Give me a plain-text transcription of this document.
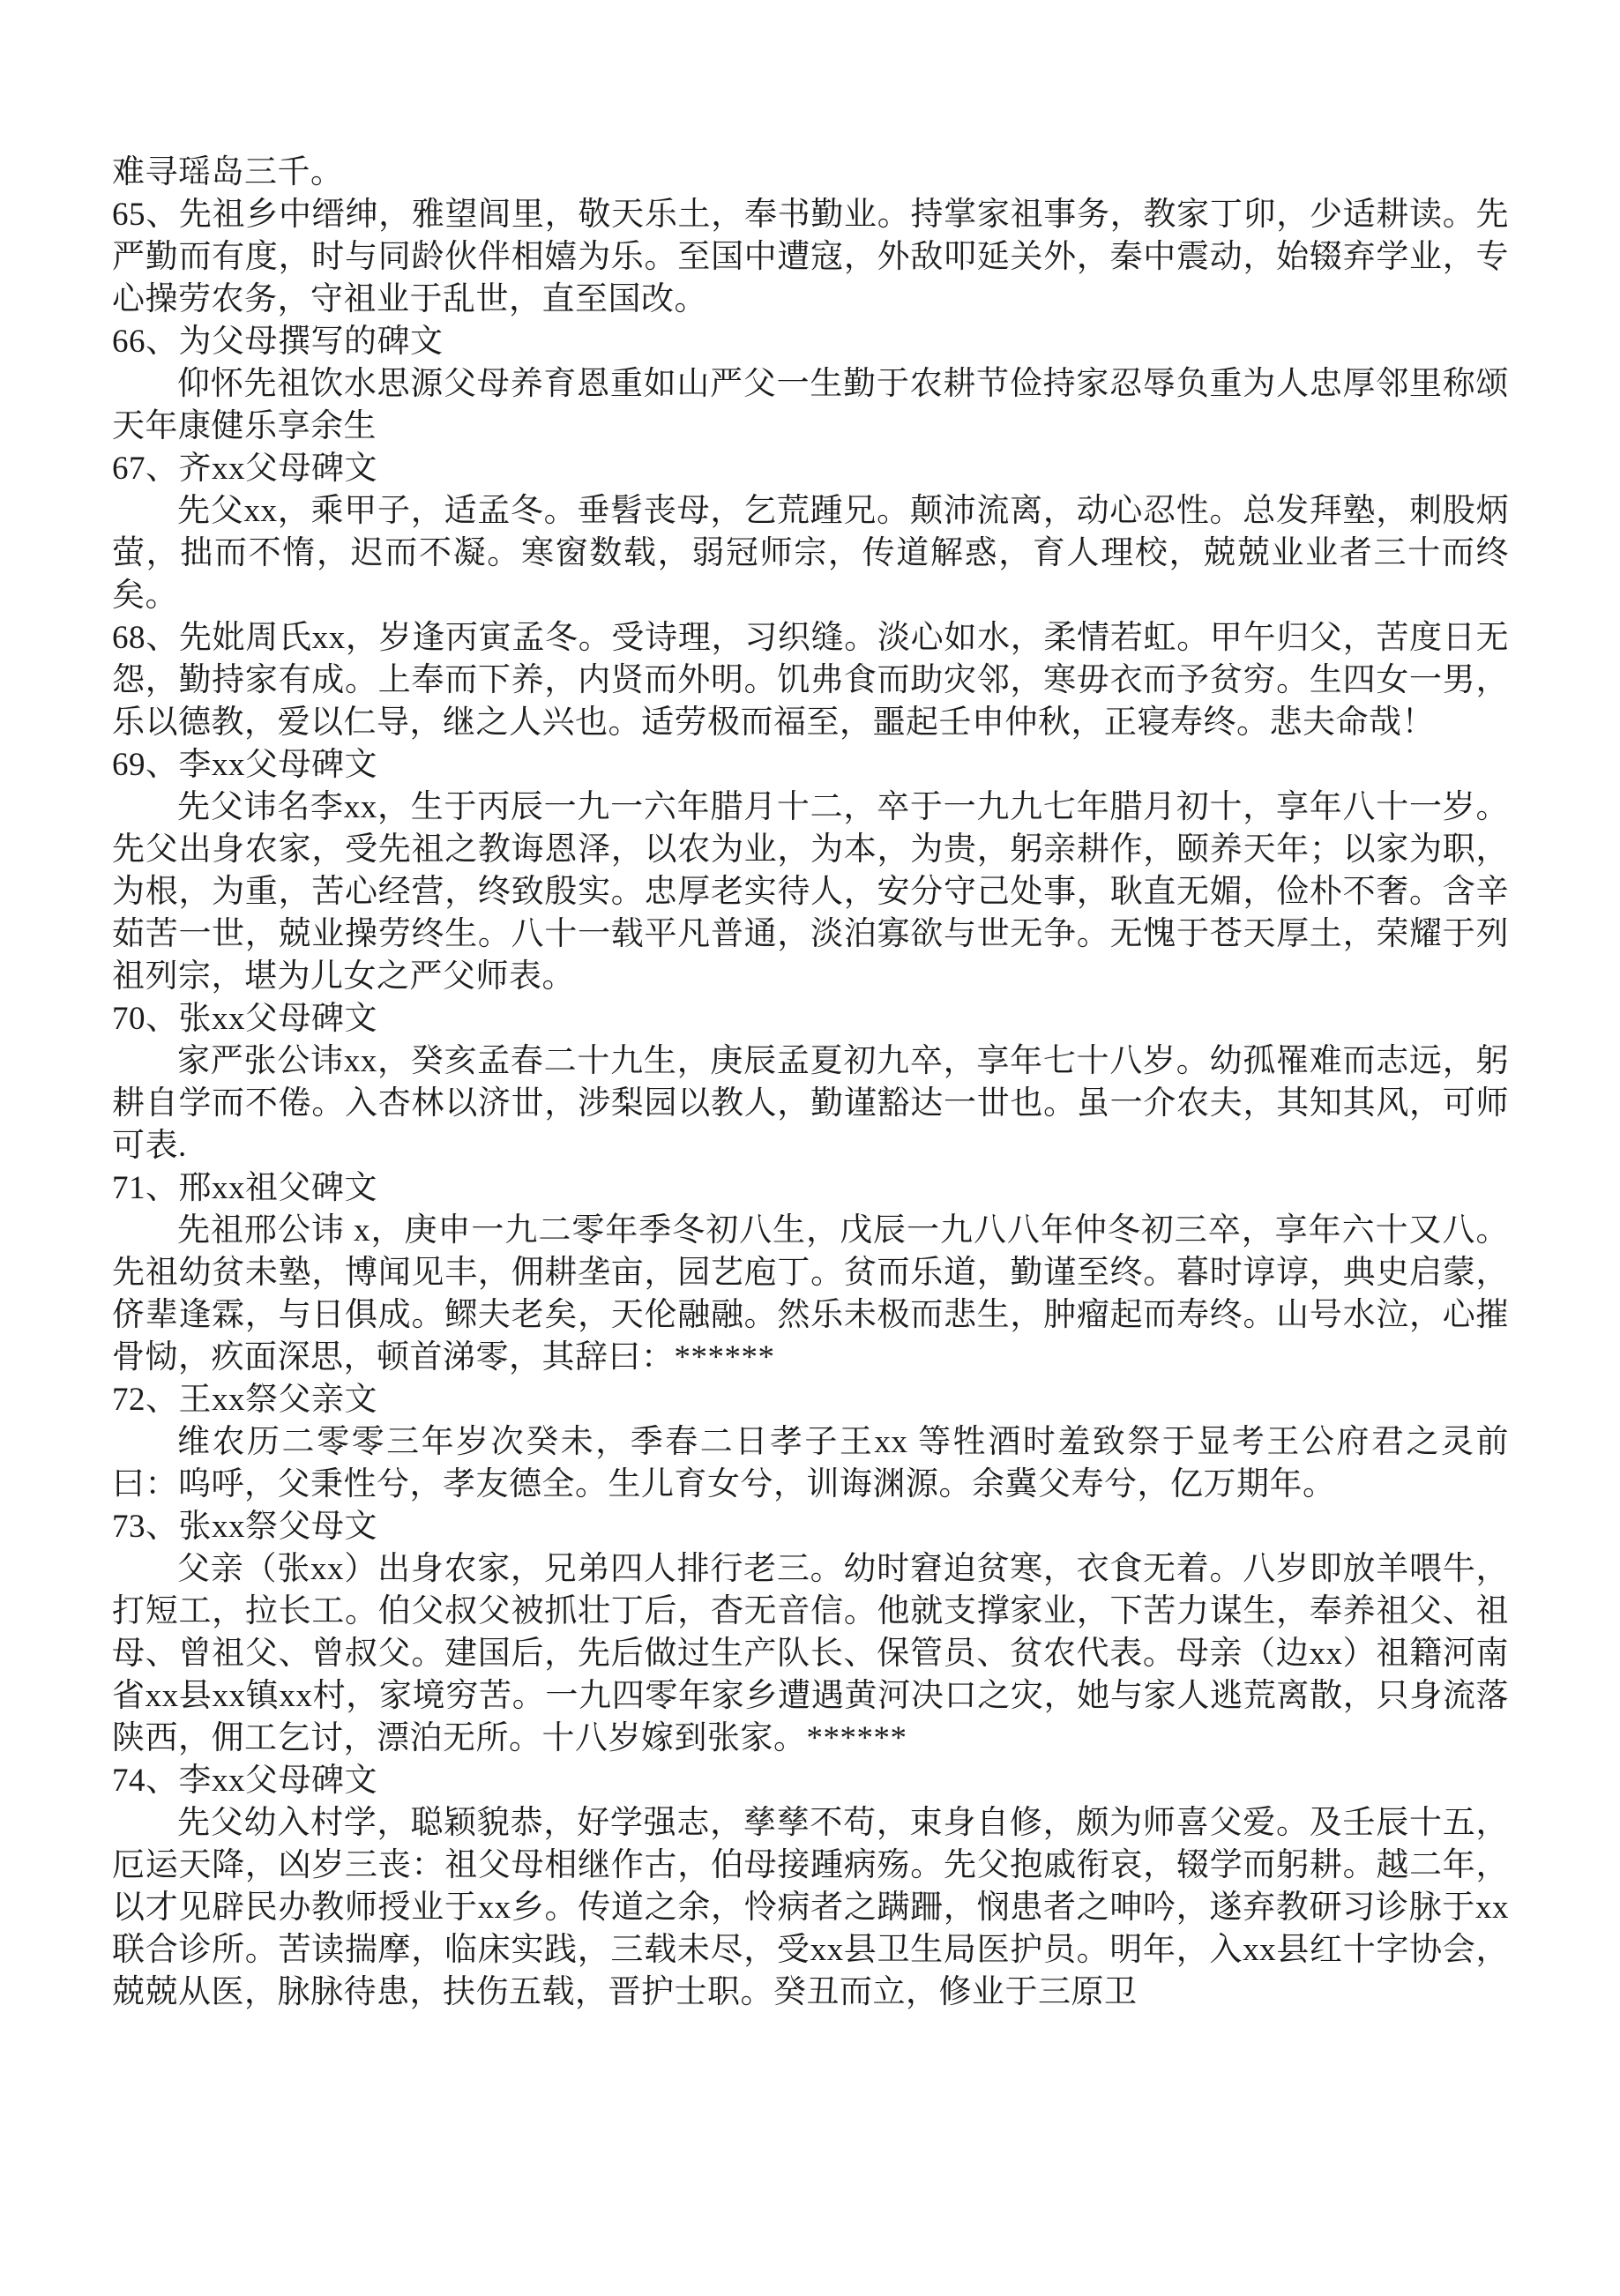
难寻瑶岛三千。

65、先祖乡中缙绅，雅望闾里，敬天乐土，奉书勤业。持掌家祖事务，教家丁卯，少适耕读。先严勤而有度，时与同龄伙伴相嬉为乐。至国中遭寇，外敌叩延关外，秦中震动，始辍弃学业，专心操劳农务，守祖业于乱世，直至国改。

66、为父母撰写的碑文

仰怀先祖饮水思源父母养育恩重如山严父一生勤于农耕节俭持家忍辱负重为人忠厚邻里称颂天年康健乐享余生

67、齐xx父母碑文

先父xx，乘甲子，适孟冬。垂髫丧母，乞荒踵兄。颠沛流离，动心忍性。总发拜塾，刺股炳萤，拙而不惰，迟而不凝。寒窗数载，弱冠师宗，传道解惑，育人理校，兢兢业业者三十而终矣。

68、先妣周氏xx，岁逢丙寅孟冬。受诗理，习织缝。淡心如水，柔情若虹。甲午归父，苦度日无怨，勤持家有成。上奉而下养，内贤而外明。饥弗食而助灾邻，寒毋衣而予贫穷。生四女一男，乐以德教，爱以仁导，继之人兴也。适劳极而福至，噩起壬申仲秋，正寝寿终。悲夫命哉！

69、李xx父母碑文

先父讳名李xx，生于丙辰一九一六年腊月十二，卒于一九九七年腊月初十，享年八十一岁。先父出身农家，受先祖之教诲恩泽，以农为业，为本，为贵，躬亲耕作，颐养天年；以家为职，为根，为重，苦心经营，终致殷实。忠厚老实待人，安分守己处事，耿直无媚，俭朴不奢。含辛茹苦一世，兢业操劳终生。八十一载平凡普通，淡泊寡欲与世无争。无愧于苍天厚土，荣耀于列祖列宗，堪为儿女之严父师表。

70、张xx父母碑文

家严张公讳xx，癸亥孟春二十九生，庚辰孟夏初九卒，享年七十八岁。幼孤罹难而志远，躬耕自学而不倦。入杏林以济丗，涉梨园以教人，勤谨豁达一丗也。虽一介农夫，其知其风，可师可表.

71、邢xx祖父碑文

先祖邢公讳 x，庚申一九二零年季冬初八生，戊辰一九八八年仲冬初三卒，享年六十又八。先祖幼贫未塾，博闻见丰，佣耕垄亩，园艺庖丁。贫而乐道，勤谨至终。暮时谆谆，典史启蒙，侪辈逢霖，与日俱成。鳏夫老矣，天伦融融。然乐未极而悲生，肿瘤起而寿终。山号水泣，心摧骨恸，疚面深思，顿首涕零，其辞曰：******

72、王xx祭父亲文

维农历二零零三年岁次癸未，季春二日孝子王xx 等牲酒时羞致祭于显考王公府君之灵前曰：呜呼，父秉性兮，孝友德全。生儿育女兮，训诲渊源。余冀父寿兮，亿万期年。

73、张xx祭父母文

父亲（张xx）出身农家，兄弟四人排行老三。幼时窘迫贫寒，衣食无着。八岁即放羊喂牛，打短工，拉长工。伯父叔父被抓壮丁后，杳无音信。他就支撑家业，下苦力谋生，奉养祖父、祖母、曾祖父、曾叔父。建国后，先后做过生产队长、保管员、贫农代表。母亲（边xx）祖籍河南省xx县xx镇xx村，家境穷苦。一九四零年家乡遭遇黄河决口之灾，她与家人逃荒离散，只身流落陕西，佣工乞讨，漂泊无所。十八岁嫁到张家。******

74、李xx父母碑文

先父幼入村学，聪颖貌恭，好学强志，孳孳不苟，束身自修，颇为师喜父爱。及壬辰十五，厄运天降，凶岁三丧：祖父母相继作古，伯母接踵病殇。先父抱戚衔哀，辍学而躬耕。越二年，以才见辟民办教师授业于xx乡。传道之余，怜病者之蹒跚，悯患者之呻吟，遂弃教研习诊脉于xx联合诊所。苦读揣摩，临床实践，三载未尽，受xx县卫生局医护员。明年，入xx县红十字协会，兢兢从医，脉脉待患，扶伤五载，晋护士职。癸丑而立，修业于三原卫
